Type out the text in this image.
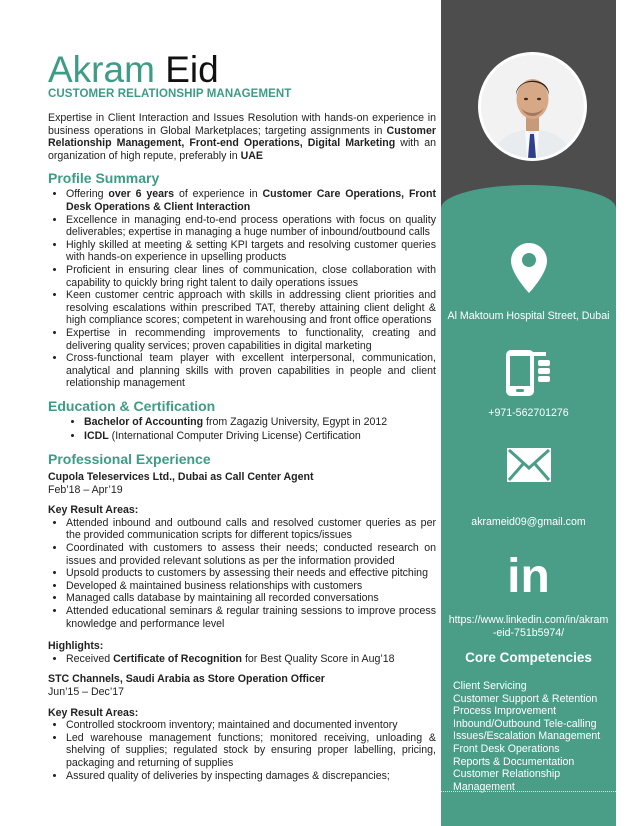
Akram Eid
CUSTOMER RELATIONSHIP MANAGEMENT

Expertise in Client Interaction and Issues Resolution with hands-on experience in business operations in Global Marketplaces; targeting assignments in Customer Relationship Management, Front-end Operations, Digital Marketing with an organization of high repute, preferably in UAE

Profile Summary
• Offering over 6 years of experience in Customer Care Operations, Front Desk Operations & Client Interaction
• Excellence in managing end-to-end process operations with focus on quality deliverables; expertise in managing a huge number of inbound/outbound calls
• Highly skilled at meeting & setting KPI targets and resolving customer queries with hands-on experience in upselling products
• Proficient in ensuring clear lines of communication, close collaboration with capability to quickly bring right talent to daily operations issues
• Keen customer centric approach with skills in addressing client priorities and resolving escalations within prescribed TAT, thereby attaining client delight & high compliance scores; competent in warehousing and front office operations
• Expertise in recommending improvements to functionality, creating and delivering quality services; proven capabilities in digital marketing
• Cross-functional team player with excellent interpersonal, communication, analytical and planning skills with proven capabilities in people and client relationship management
Education & Certification
• Bachelor of Accounting from Zagazig University, Egypt in 2012
• ICDL (International Computer Driving License) Certification
Professional Experience
Cupola Teleservices Ltd., Dubai as Call Center Agent
Feb’18 – Apr’19
Key Result Areas:
• Attended inbound and outbound calls and resolved customer queries as per the provided communication scripts for different topics/issues
• Coordinated with customers to assess their needs; conducted research on issues and provided relevant solutions as per the information provided
• Upsold products to customers by assessing their needs and effective pitching
• Developed & maintained business relationships with customers
• Managed calls database by maintaining all recorded conversations
• Attended educational seminars & regular training sessions to improve process knowledge and performance level
Highlights:
• Received Certificate of Recognition for Best Quality Score in Aug’18
STC Channels, Saudi Arabia as Store Operation Officer
Jun’15 – Dec’17
Key Result Areas:
• Controlled stockroom inventory; maintained and documented inventory
• Led warehouse management functions; monitored receiving, unloading & shelving of supplies; regulated stock by ensuring proper labelling, pricing, packaging and returning of supplies
• Assured quality of deliveries by inspecting damages & discrepancies;
Al Maktoum Hospital Street, Dubai
+971-562701276
akrameid09@gmail.com
in
https://www.linkedin.com/in/akram-eid-751b5974/
Core Competencies
Client Servicing
Customer Support & Retention
Process Improvement
Inbound/Outbound Tele-calling
Issues/Escalation Management
Front Desk Operations
Reports & Documentation
Customer Relationship
Management
